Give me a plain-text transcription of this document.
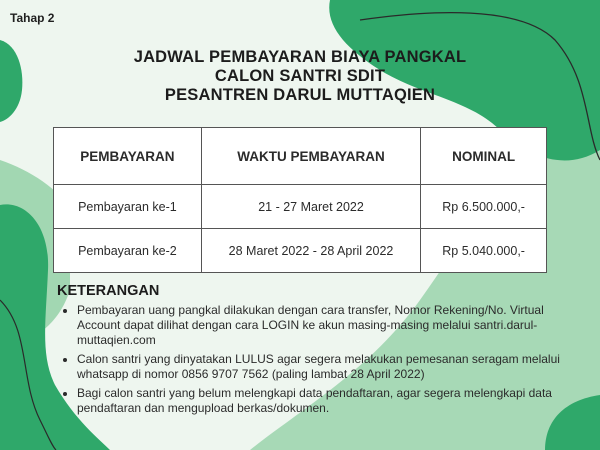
Tahap 2
JADWAL PEMBAYARAN BIAYA PANGKAL
CALON SANTRI SDIT
PESANTREN DARUL MUTTAQIEN
PEMBAYARAN	WAKTU PEMBAYARAN	NOMINAL
Pembayaran ke-1	21 - 27 Maret 2022	Rp 6.500.000,-
Pembayaran ke-2	28 Maret 2022 - 28 April 2022	Rp 5.040.000,-
KETERANGAN
• Pembayaran uang pangkal dilakukan dengan cara transfer, Nomor Rekening/No. Virtual Account dapat dilihat dengan cara LOGIN ke akun masing-masing melalui santri.darul-muttaqien.com
• Calon santri yang dinyatakan LULUS agar segera melakukan pemesanan seragam melalui whatsapp di nomor 0856 9707 7562 (paling lambat 28 April 2022)
• Bagi calon santri yang belum melengkapi data pendaftaran, agar segera melengkapi data pendaftaran dan mengupload berkas/dokumen.
